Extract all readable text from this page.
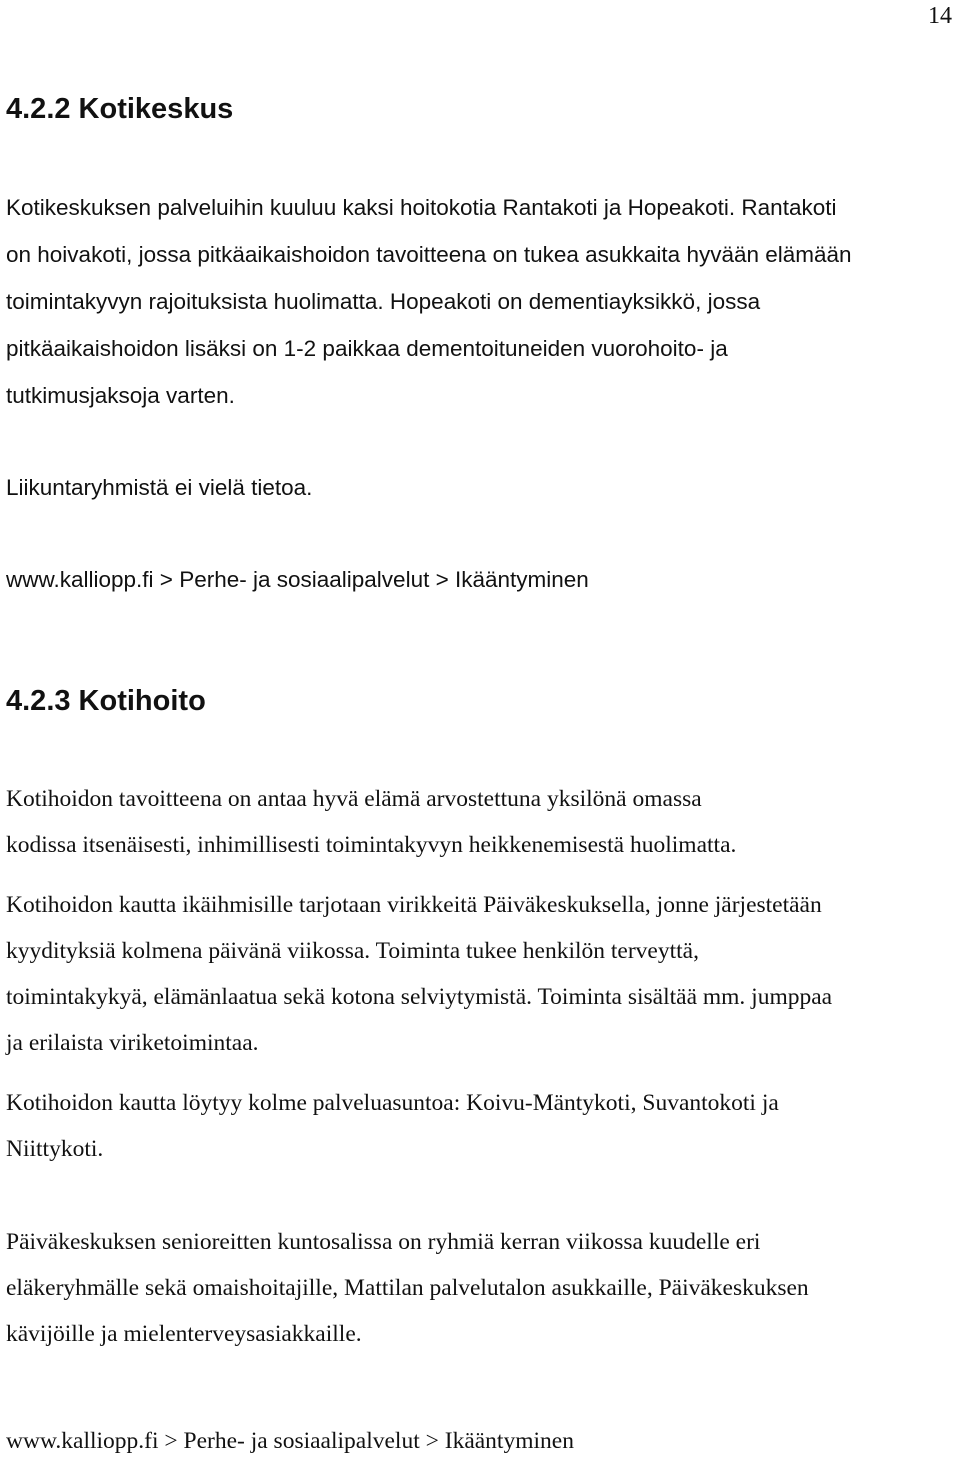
14
4.2.2 Kotikeskus

Kotikeskuksen palveluihin kuuluu kaksi hoitokotia Rantakoti ja Hopeakoti. Rantakoti
on hoivakoti, jossa pitkäaikaishoidon tavoitteena on tukea asukkaita hyvään elämään
toimintakyvyn rajoituksista huolimatta. Hopeakoti on dementiayksikkö, jossa
pitkäaikaishoidon lisäksi on 1-2 paikkaa dementoituneiden vuorohoito- ja
tutkimusjaksoja varten.

Liikuntaryhmistä ei vielä tietoa.

www.kalliopp.fi > Perhe- ja sosiaalipalvelut > Ikääntyminen

4.2.3 Kotihoito

Kotihoidon tavoitteena on antaa hyvä elämä arvostettuna yksilönä omassa
kodissa itsenäisesti, inhimillisesti toimintakyvyn heikkenemisestä huolimatta.

Kotihoidon kautta ikäihmisille tarjotaan virikkeitä Päiväkeskuksella, jonne järjestetään
kyydityksiä kolmena päivänä viikossa. Toiminta tukee henkilön terveyttä,
toimintakykyä, elämänlaatua sekä kotona selviytymistä. Toiminta sisältää mm. jumppaa
ja erilaista viriketoimintaa.

Kotihoidon kautta löytyy kolme palveluasuntoa: Koivu-Mäntykoti, Suvantokoti ja
Niittykoti.

Päiväkeskuksen senioreitten kuntosalissa on ryhmiä kerran viikossa kuudelle eri
eläkeryhmälle sekä omaishoitajille, Mattilan palvelutalon asukkaille, Päiväkeskuksen
kävijöille ja mielenterveysasiakkaille.

www.kalliopp.fi > Perhe- ja sosiaalipalvelut > Ikääntyminen
